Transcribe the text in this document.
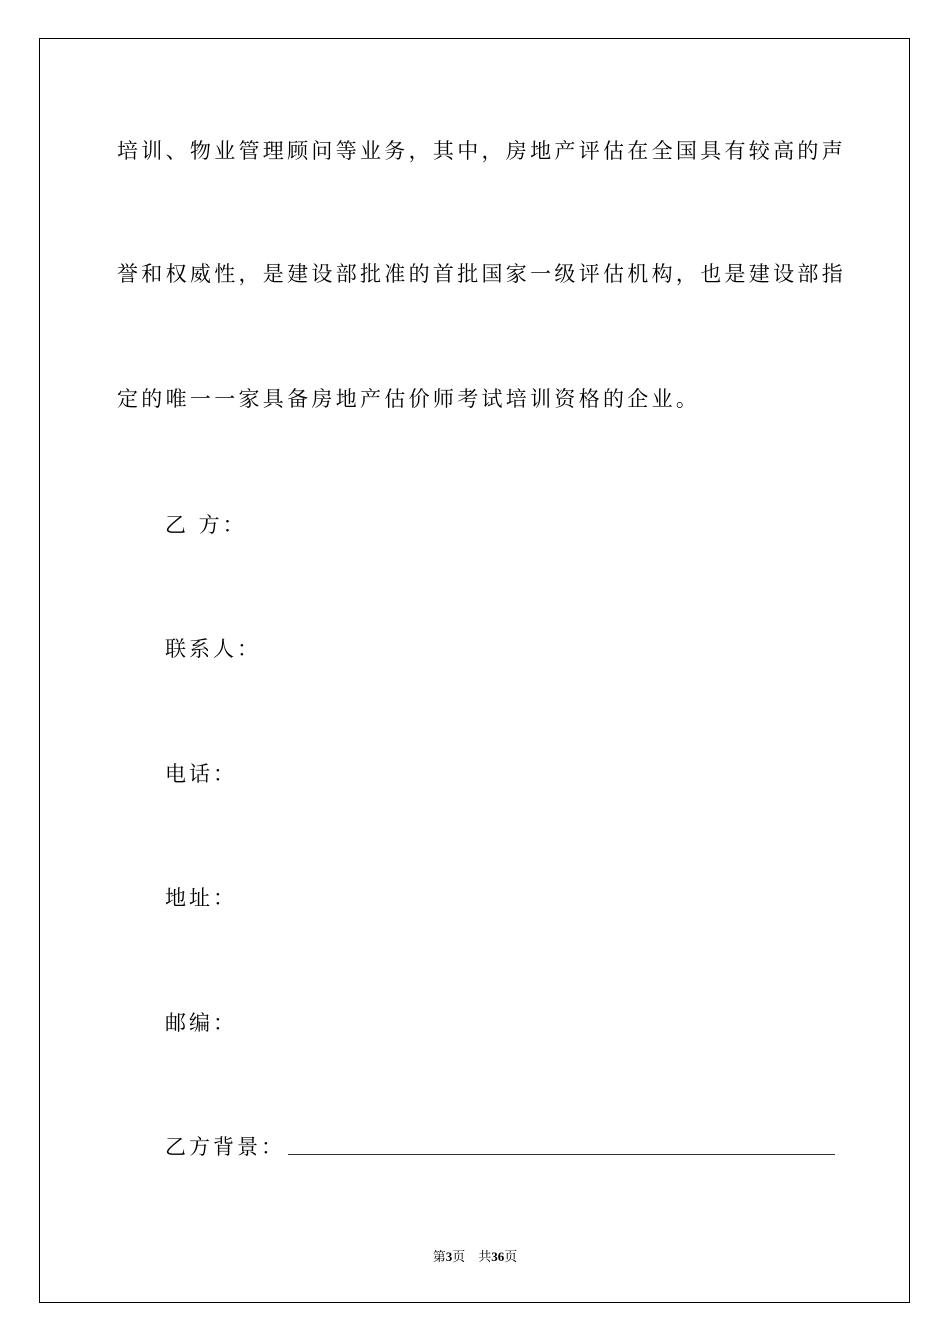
培训、物业管理顾问等业务，其中，房地产评估在全国具有较高的声
誉和权威性，是建设部批准的首批国家一级评估机构，也是建设部指
定的唯一一家具备房地产估价师考试培训资格的企业。
乙 方：
联系人：
电话：
地址：
邮编：
乙方背景：
第3页 共36页
